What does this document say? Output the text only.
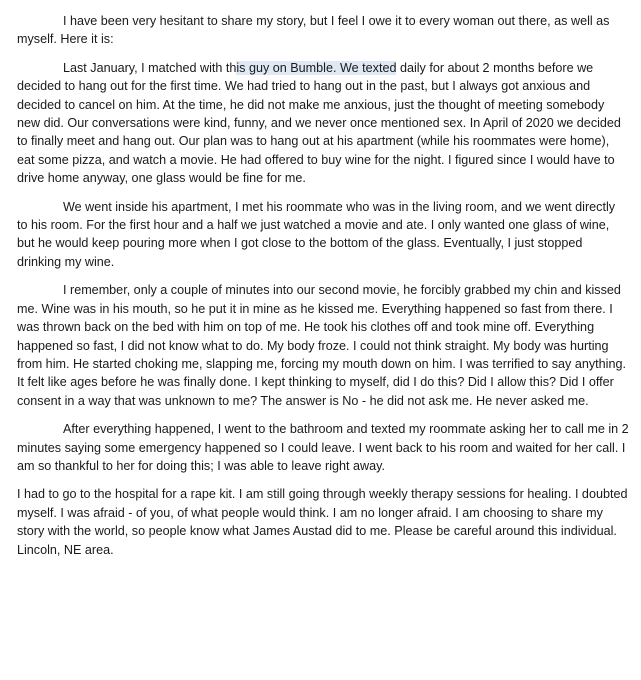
I have been very hesitant to share my story, but I feel I owe it to every woman out there, as well as myself. Here it is:

Last January, I matched with this guy on Bumble. We texted daily for about 2 months before we decided to hang out for the first time. We had tried to hang out in the past, but I always got anxious and decided to cancel on him. At the time, he did not make me anxious, just the thought of meeting somebody new did. Our conversations were kind, funny, and we never once mentioned sex. In April of 2020 we decided to finally meet and hang out. Our plan was to hang out at his apartment (while his roommates were home), eat some pizza, and watch a movie. He had offered to buy wine for the night. I figured since I would have to drive home anyway, one glass would be fine for me.

We went inside his apartment, I met his roommate who was in the living room, and we went directly to his room. For the first hour and a half we just watched a movie and ate. I only wanted one glass of wine, but he would keep pouring more when I got close to the bottom of the glass. Eventually, I just stopped drinking my wine.

I remember, only a couple of minutes into our second movie, he forcibly grabbed my chin and kissed me. Wine was in his mouth, so he put it in mine as he kissed me. Everything happened so fast from there. I was thrown back on the bed with him on top of me. He took his clothes off and took mine off. Everything happened so fast, I did not know what to do. My body froze. I could not think straight. My body was hurting from him. He started choking me, slapping me, forcing my mouth down on him. I was terrified to say anything. It felt like ages before he was finally done. I kept thinking to myself, did I do this? Did I allow this? Did I offer consent in a way that was unknown to me? The answer is No - he did not ask me. He never asked me.

After everything happened, I went to the bathroom and texted my roommate asking her to call me in 2 minutes saying some emergency happened so I could leave. I went back to his room and waited for her call. I am so thankful to her for doing this; I was able to leave right away.

I had to go to the hospital for a rape kit. I am still going through weekly therapy sessions for healing. I doubted myself. I was afraid - of you, of what people would think. I am no longer afraid. I am choosing to share my story with the world, so people know what James Austad did to me. Please be careful around this individual. Lincoln, NE area.
